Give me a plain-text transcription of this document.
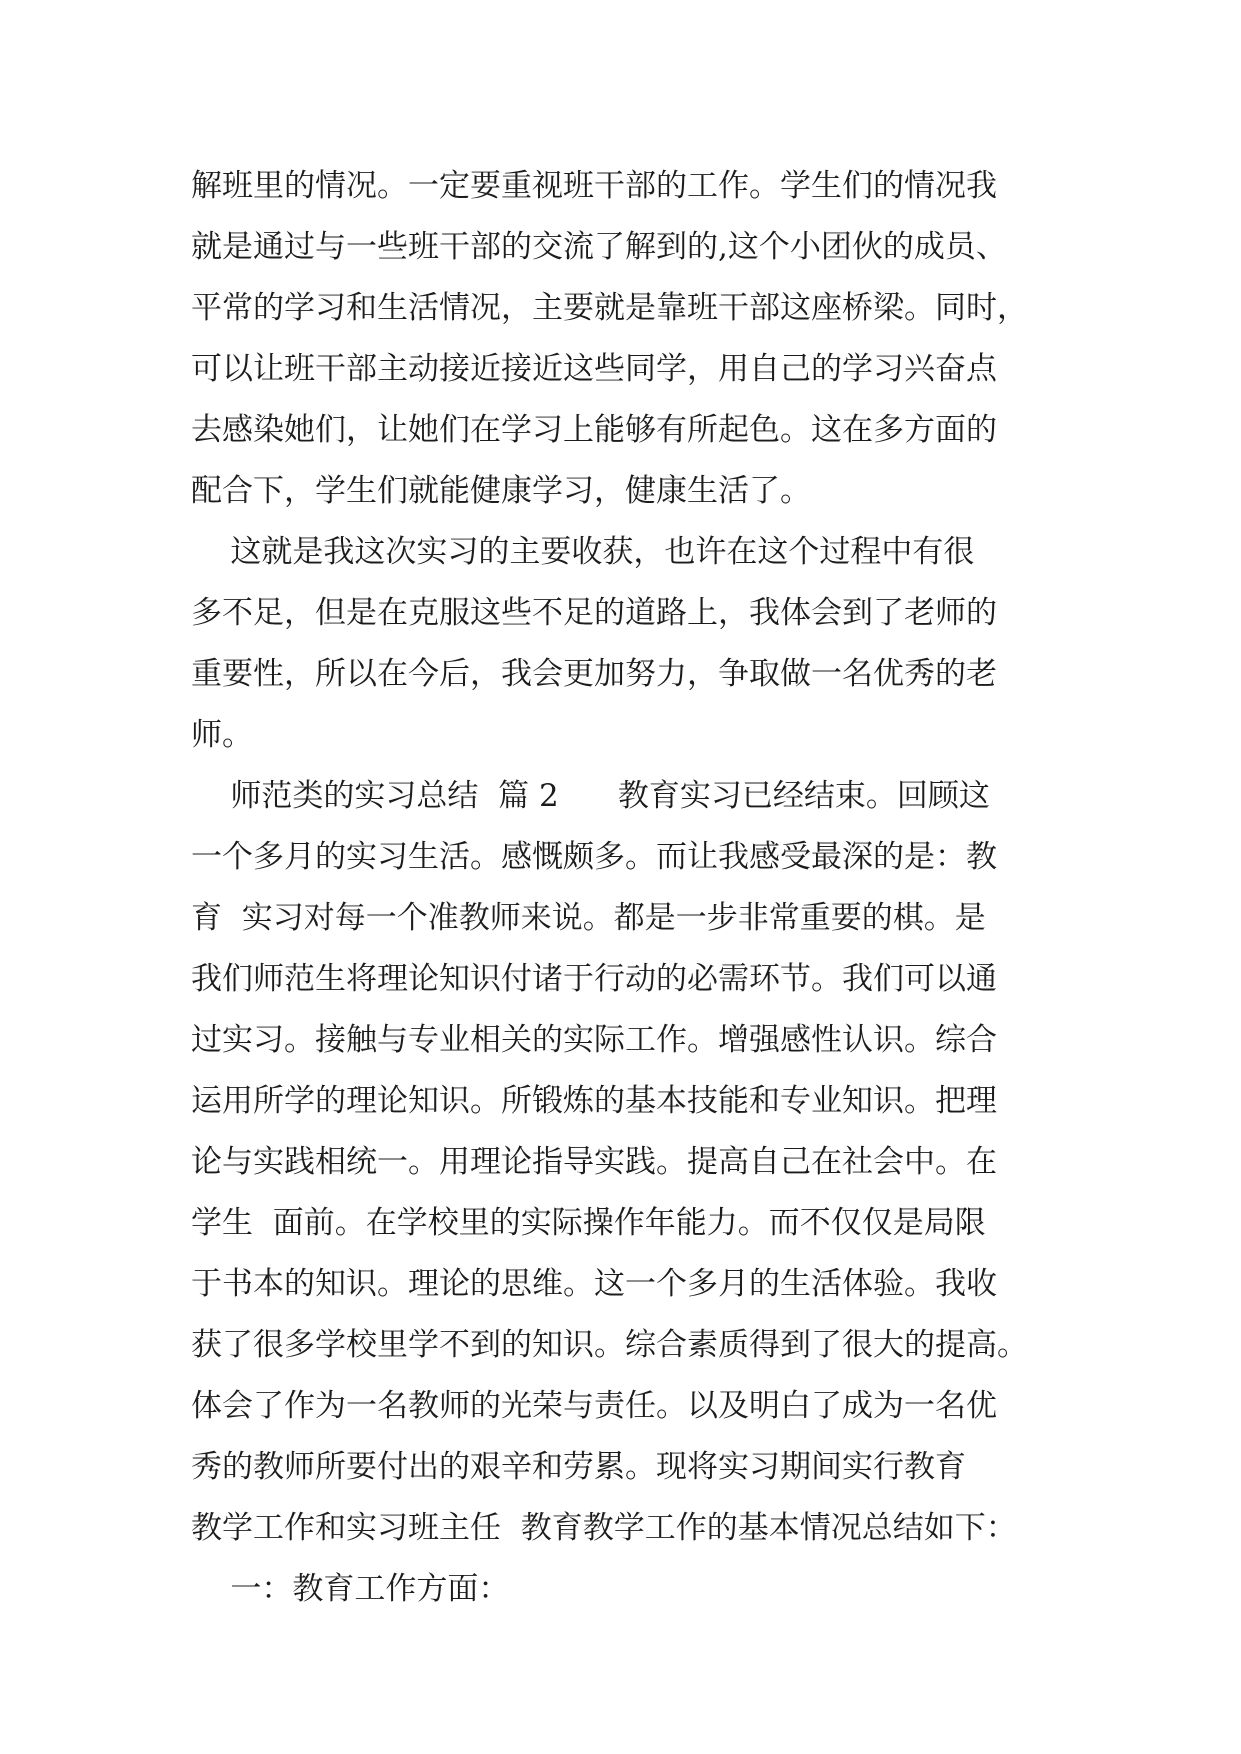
解班里的情况。一定要重视班干部的工作。学生们的情况我
就是通过与一些班干部的交流了解到的,这个小团伙的成员、
平常的学习和生活情况，主要就是靠班干部这座桥梁。同时，
可以让班干部主动接近接近这些同学，用自己的学习兴奋点
去感染她们，让她们在学习上能够有所起色。这在多方面的
配合下，学生们就能健康学习，健康生活了。
这就是我这次实习的主要收获，也许在这个过程中有很
多不足，但是在克服这些不足的道路上，我体会到了老师的
重要性，所以在今后，我会更加努力，争取做一名优秀的老
师。
师范类的实习总结  篇 2      教育实习已经结束。回顾这
一个多月的实习生活。感慨颇多。而让我感受最深的是：教
育  实习对每一个准教师来说。都是一步非常重要的棋。是
我们师范生将理论知识付诸于行动的必需环节。我们可以通
过实习。接触与专业相关的实际工作。增强感性认识。综合
运用所学的理论知识。所锻炼的基本技能和专业知识。把理
论与实践相统一。用理论指导实践。提高自己在社会中。在
学生  面前。在学校里的实际操作年能力。而不仅仅是局限
于书本的知识。理论的思维。这一个多月的生活体验。我收
获了很多学校里学不到的知识。综合素质得到了很大的提高。
体会了作为一名教师的光荣与责任。以及明白了成为一名优
秀的教师所要付出的艰辛和劳累。现将实习期间实行教育
教学工作和实习班主任  教育教学工作的基本情况总结如下：
一：教育工作方面：
